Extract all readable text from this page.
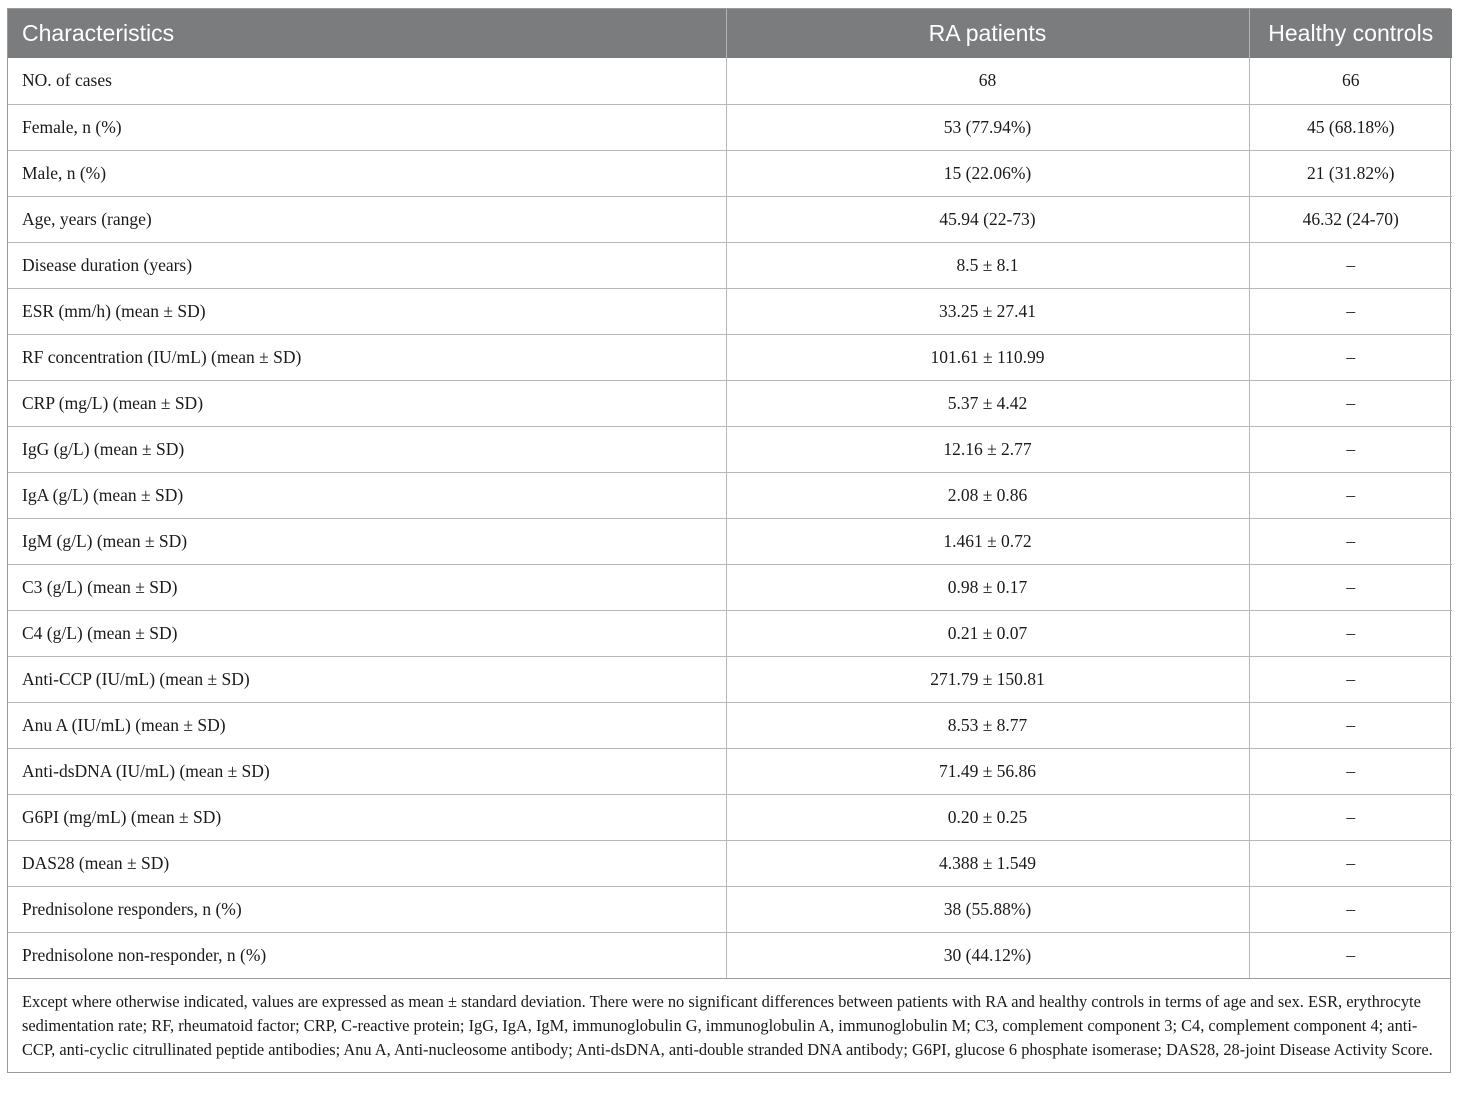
Characteristics	RA patients	Healthy controls
NO. of cases	68	66
Female, n (%)	53 (77.94%)	45 (68.18%)
Male, n (%)	15 (22.06%)	21 (31.82%)
Age, years (range)	45.94 (22-73)	46.32 (24-70)
Disease duration (years)	8.5 ± 8.1	–
ESR (mm/h) (mean ± SD)	33.25 ± 27.41	–
RF concentration (IU/mL) (mean ± SD)	101.61 ± 110.99	–
CRP (mg/L) (mean ± SD)	5.37 ± 4.42	–
IgG (g/L) (mean ± SD)	12.16 ± 2.77	–
IgA (g/L) (mean ± SD)	2.08 ± 0.86	–
IgM (g/L) (mean ± SD)	1.461 ± 0.72	–
C3 (g/L) (mean ± SD)	0.98 ± 0.17	–
C4 (g/L) (mean ± SD)	0.21 ± 0.07	–
Anti-CCP (IU/mL) (mean ± SD)	271.79 ± 150.81	–
Anu A (IU/mL) (mean ± SD)	8.53 ± 8.77	–
Anti-dsDNA (IU/mL) (mean ± SD)	71.49 ± 56.86	–
G6PI (mg/mL) (mean ± SD)	0.20 ± 0.25	–
DAS28 (mean ± SD)	4.388 ± 1.549	–
Prednisolone responders, n (%)	38 (55.88%)	–
Prednisolone non-responder, n (%)	30 (44.12%)	–

Except where otherwise indicated, values are expressed as mean ± standard deviation. There were no significant differences between patients with RA and healthy controls in terms of age and sex. ESR, erythrocyte sedimentation rate; RF, rheumatoid factor; CRP, C-reactive protein; IgG, IgA, IgM, immunoglobulin G, immunoglobulin A, immunoglobulin M; C3, complement component 3; C4, complement component 4; anti-CCP, anti-cyclic citrullinated peptide antibodies; Anu A, Anti-nucleosome antibody; Anti-dsDNA, anti-double stranded DNA antibody; G6PI, glucose 6 phosphate isomerase; DAS28, 28-joint Disease Activity Score.
